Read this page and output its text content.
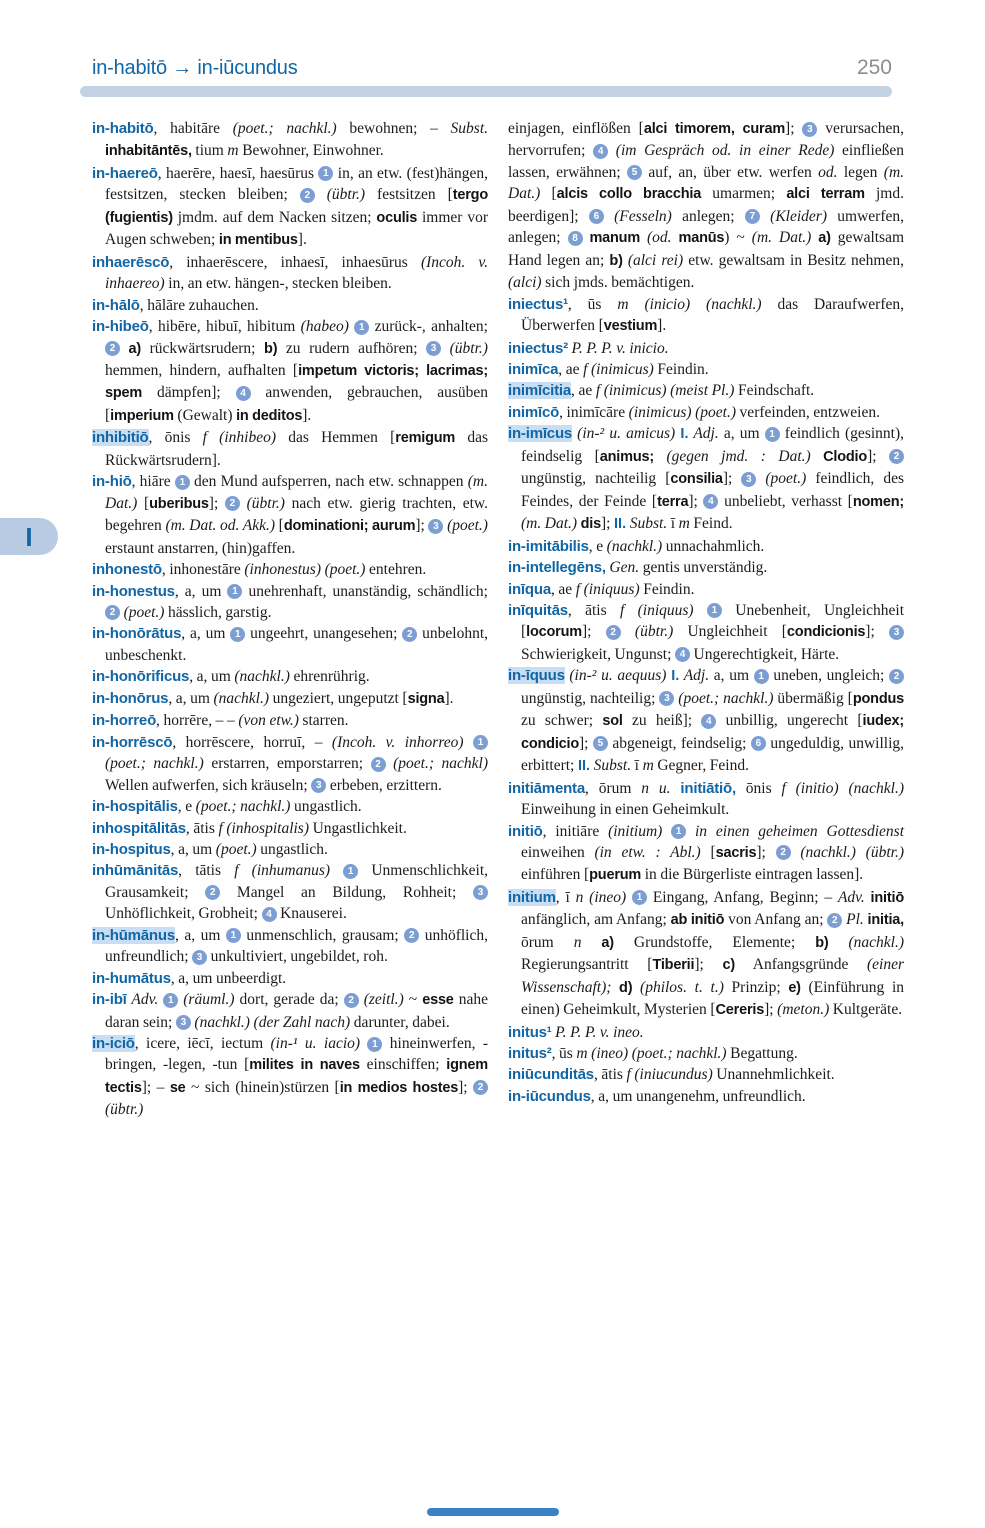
in-habitō → in-iūcundus	250
I

in-habitō, habitāre (poet.; nachkl.) bewohnen; – Subst. inhabitāntēs, tium m Bewohner, Einwohner.

in-haereō, haerēre, haesī, haesūrus 1 in, an etw. (fest)hängen, festsitzen, stecken bleiben; 2 (übtr.) festsitzen [tergo (fugientis) jmdm. auf dem Nacken sitzen; oculis immer vor Augen schweben; in mentibus].

inhaerēscō, inhaerēscere, inhaesī, inhaesūrus (Incoh. v. inhaereo) in, an etw. hängen-, stecken bleiben.

in-hālō, hālāre zuhauchen.

in-hibeō, hibēre, hibuī, hibitum (habeo) 1 zurück-, anhalten; 2 a) rückwärtsrudern; b) zu rudern aufhören; 3 (übtr.) hemmen, hindern, aufhalten [impetum victoris; lacrimas; spem dämpfen]; 4 anwenden, gebrauchen, ausüben [imperium (Gewalt) in deditos].

inhibitiō, ōnis f (inhibeo) das Hemmen [remigum das Rückwärtsrudern].

in-hiō, hiāre 1 den Mund aufsperren, nach etw. schnappen (m. Dat.) [uberibus]; 2 (übtr.) nach etw. gierig trachten, etw. begehren (m. Dat. od. Akk.) [dominationi; aurum]; 3 (poet.) erstaunt anstarren, (hin)gaffen.

inhonestō, inhonestāre (inhonestus) (poet.) entehren.

in-honestus, a, um 1 unehrenhaft, unanständig, schändlich; 2 (poet.) hässlich, garstig.

in-honōrātus, a, um 1 ungeehrt, unangesehen; 2 unbelohnt, unbeschenkt.

in-honōrificus, a, um (nachkl.) ehrenrührig.

in-honōrus, a, um (nachkl.) ungeziert, ungeputzt [signa].

in-horreō, horrēre, – – (von etw.) starren.

in-horrēscō, horrēscere, horruī, – (Incoh. v. inhorreo) 1 (poet.; nachkl.) erstarren, emporstarren; 2 (poet.; nachkl) Wellen aufwerfen, sich kräuseln; 3 erbeben, erzittern.

in-hospitālis, e (poet.; nachkl.) ungastlich.

inhospitālitās, ātis f (inhospitalis) Ungastlichkeit.

in-hospitus, a, um (poet.) ungastlich.

inhūmānitās, tātis f (inhumanus) 1 Unmenschlichkeit, Grausamkeit; 2 Mangel an Bildung, Rohheit; 3 Unhöflichkeit, Grobheit; 4 Knauserei.

in-hūmānus, a, um 1 unmenschlich, grausam; 2 unhöflich, unfreundlich; 3 unkultiviert, ungebildet, roh.

in-humātus, a, um unbeerdigt.

in-ibī Adv. 1 (räuml.) dort, gerade da; 2 (zeitl.) ~ esse nahe daran sein; 3 (nachkl.) (der Zahl nach) darunter, dabei.

in-iciō, icere, iēcī, iectum (in-¹ u. iacio) 1 hineinwerfen, -bringen, -legen, -tun [milites in naves einschiffen; ignem tectis]; – se ~ sich (hinein)stürzen [in medios hostes]; 2 (übtr.)

einjagen, einflößen [alci timorem, curam]; 3 verursachen, hervorrufen; 4 (im Gespräch od. in einer Rede) einfließen lassen, erwähnen; 5 auf, an, über etw. werfen od. legen (m. Dat.) [alcis collo bracchia umarmen; alci terram jmd. beerdigen]; 6 (Fesseln) anlegen; 7 (Kleider) umwerfen, anlegen; 8 manum (od. manūs) ~ (m. Dat.) a) gewaltsam Hand legen an; b) (alci rei) etw. gewaltsam in Besitz nehmen, (alci) sich jmds. bemächtigen.

iniectus¹, ūs m (inicio) (nachkl.) das Daraufwerfen, Überwerfen [vestium].

iniectus² P. P. P. v. inicio.

inimīca, ae f (inimicus) Feindin.

inimīcitia, ae f (inimicus) (meist Pl.) Feindschaft.

inimīcō, inimīcāre (inimicus) (poet.) verfeinden, entzweien.

in-imīcus (in-² u. amicus) I. Adj. a, um 1 feindlich (gesinnt), feindselig [animus; (gegen jmd. : Dat.) Clodio]; 2 ungünstig, nachteilig [consilia]; 3 (poet.) feindlich, des Feindes, der Feinde [terra]; 4 unbeliebt, verhasst [nomen; (m. Dat.) dis]; II. Subst. ī m Feind.

in-imitābilis, e (nachkl.) unnachahmlich.

in-intellegēns, Gen. gentis unverständig.

inīqua, ae f (iniquus) Feindin.

inīquitās, ātis f (iniquus) 1 Unebenheit, Ungleichheit [locorum]; 2 (übtr.) Ungleichheit [condicionis]; 3 Schwierigkeit, Ungunst; 4 Ungerechtigkeit, Härte.

in-īquus (in-² u. aequus) I. Adj. a, um 1 uneben, ungleich; 2 ungünstig, nachteilig; 3 (poet.; nachkl.) übermäßig [pondus zu schwer; sol zu heiß]; 4 unbillig, ungerecht [iudex; condicio]; 5 abgeneigt, feindselig; 6 ungeduldig, unwillig, erbittert; II. Subst. ī m Gegner, Feind.

initiāmenta, ōrum n u. initiātiō, ōnis f (initio) (nachkl.) Einweihung in einen Geheimkult.

initiō, initiāre (initium) 1 in einen geheimen Gottesdienst einweihen (in etw. : Abl.) [sacris]; 2 (nachkl.) (übtr.) einführen [puerum in die Bürgerliste eintragen lassen].

initium, ī n (ineo) 1 Eingang, Anfang, Beginn; – Adv. initiō anfänglich, am Anfang; ab initiō von Anfang an; 2 Pl. initia, ōrum n a) Grundstoffe, Elemente; b) (nachkl.) Regierungsantritt [Tiberii]; c) Anfangsgründe (einer Wissenschaft); d) (philos. t. t.) Prinzip; e) (Einführung in einen) Geheimkult, Mysterien [Cereris]; (meton.) Kultgeräte.

initus¹ P. P. P. v. ineo.

initus², ūs m (ineo) (poet.; nachkl.) Begattung.

iniūcunditās, ātis f (iniucundus) Unannehmlichkeit.

in-iūcundus, a, um unangenehm, unfreundlich.
